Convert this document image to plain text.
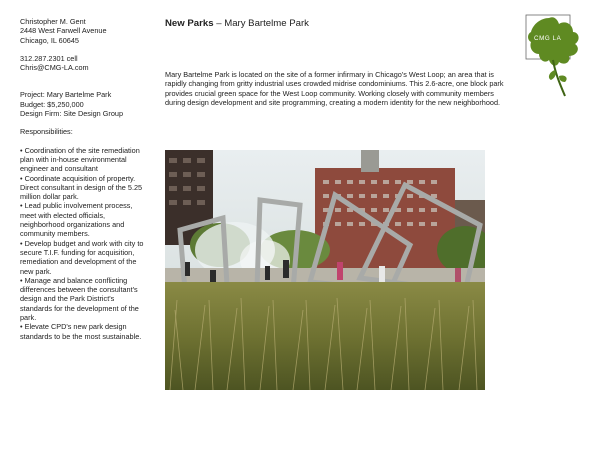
Christopher M. Gent
2448 West Farwell Avenue
Chicago, IL 60645
312.287.2301 cell
Chris@CMG-LA.com
Project: Mary Bartelme Park
Budget: $5,250,000
Design Firm: Site Design Group
Responsibilities:
• Coordination of the site remediation plan with in-house environmental engineer and consultant
• Coordinate acquisition of property. Direct consultant in design of the 5.25 million dollar park.
• Lead public involvement process, meet with elected officials, neighborhood organizations and community members.
• Develop budget and work with city to secure T.I.F. funding for acquisition, remediation and development of the new park.
• Manage and balance conflicting differences between the consultant's design and the Park District's standards for the development of the park.
• Elevate CPD's new park design standards to be the most sustainable.
New Parks – Mary Bartelme Park
Mary Bartelme Park is located on the site of a former infirmary in Chicago's West Loop; an area that is rapidly changing from gritty industrial uses crowded midrise condominiums. This 2.6-acre, one block park provides crucial green space for the West Loop community. Working closely with community members during design development and site programming, creating a modern identity for the new neighborhood.
CMG LA
